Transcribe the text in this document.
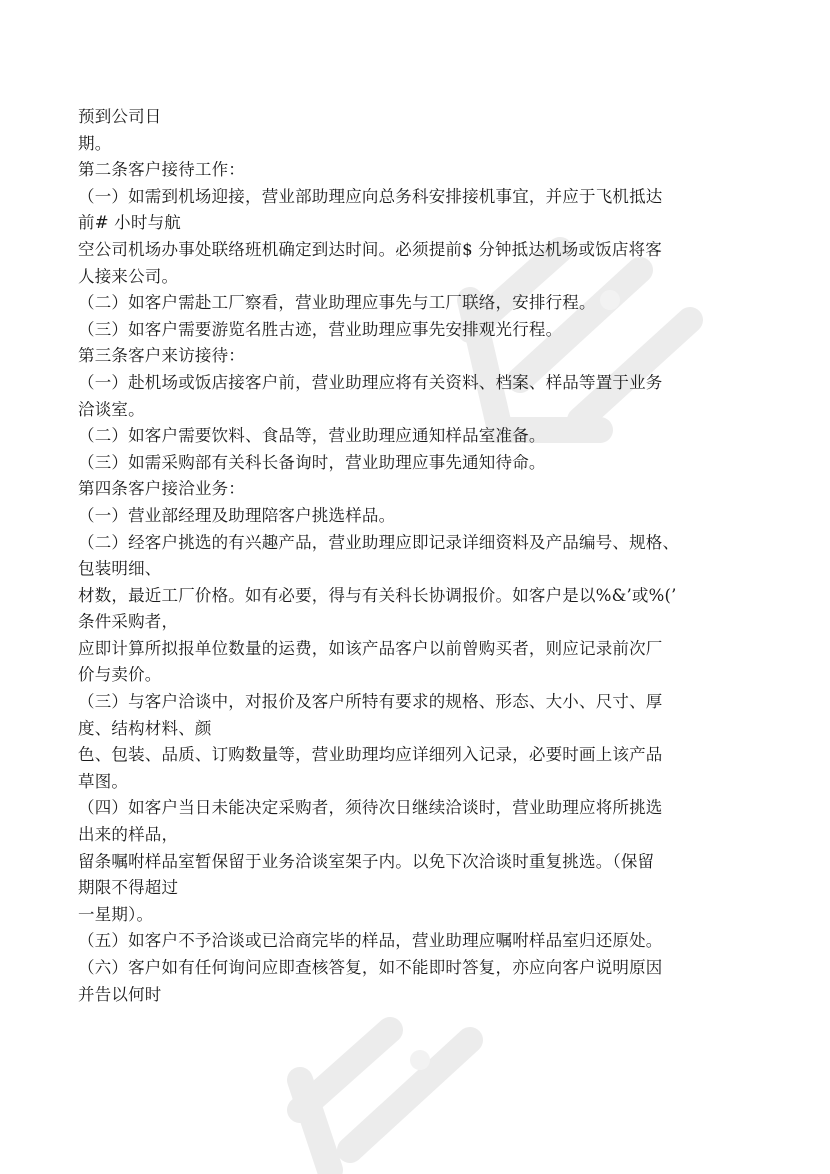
预到公司日
期。
第二条客户接待工作：
（一）如需到机场迎接，营业部助理应向总务科安排接机事宜，并应于飞机抵达
前# 小时与航
空公司机场办事处联络班机确定到达时间。必须提前$ 分钟抵达机场或饭店将客
人接来公司。
（二）如客户需赴工厂察看，营业助理应事先与工厂联络，安排行程。
（三）如客户需要游览名胜古迹，营业助理应事先安排观光行程。
第三条客户来访接待：
（一）赴机场或饭店接客户前，营业助理应将有关资料、档案、样品等置于业务
洽谈室。
（二）如客户需要饮料、食品等，营业助理应通知样品室准备。
（三）如需采购部有关科长备询时，营业助理应事先通知待命。
第四条客户接洽业务：
（一）营业部经理及助理陪客户挑选样品。
（二）经客户挑选的有兴趣产品，营业助理应即记录详细资料及产品编号、规格、
包装明细、
材数，最近工厂价格。如有必要，得与有关科长协调报价。如客户是以%&’或%(’
条件采购者，
应即计算所拟报单位数量的运费，如该产品客户以前曾购买者，则应记录前次厂
价与卖价。
（三）与客户洽谈中，对报价及客户所特有要求的规格、形态、大小、尺寸、厚
度、结构材料、颜
色、包装、品质、订购数量等，营业助理均应详细列入记录，必要时画上该产品
草图。
（四）如客户当日未能决定采购者，须待次日继续洽谈时，营业助理应将所挑选
出来的样品，
留条嘱咐样品室暂保留于业务洽谈室架子内。以免下次洽谈时重复挑选。（保留
期限不得超过
一星期）。
（五）如客户不予洽谈或已洽商完毕的样品，营业助理应嘱咐样品室归还原处。
（六）客户如有任何询问应即查核答复，如不能即时答复，亦应向客户说明原因
并告以何时
